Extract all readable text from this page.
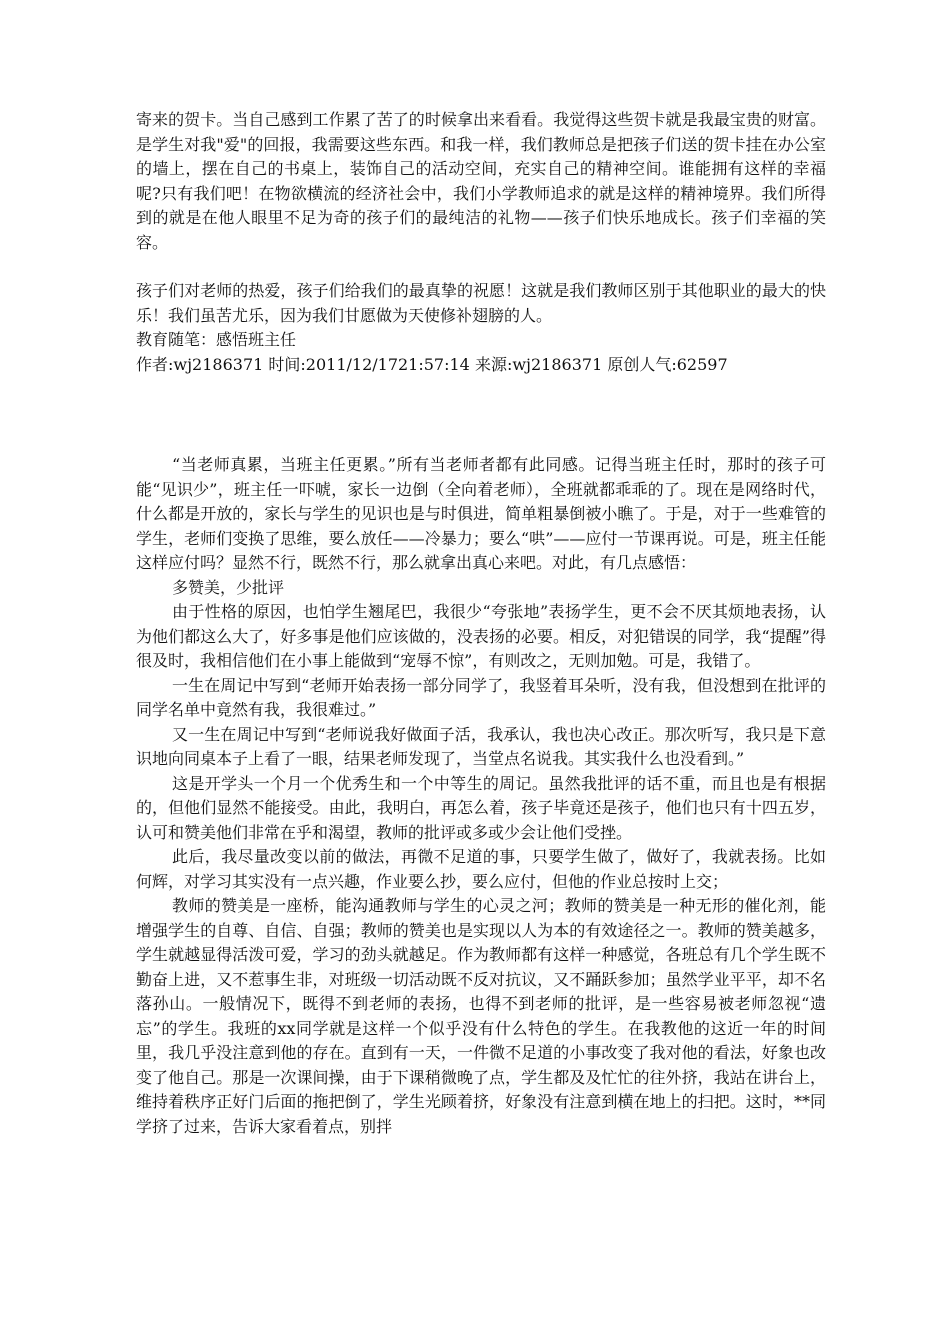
寄来的贺卡。当自己感到工作累了苦了的时候拿出来看看。我觉得这些贺卡就是我最宝贵的财富。是学生对我"爱"的回报，我需要这些东西。和我一样，我们教师总是把孩子们送的贺卡挂在办公室的墙上，摆在自己的书桌上，装饰自己的活动空间，充实自己的精神空间。谁能拥有这样的幸福呢?只有我们吧！在物欲横流的经济社会中，我们小学教师追求的就是这样的精神境界。我们所得到的就是在他人眼里不足为奇的孩子们的最纯洁的礼物——孩子们快乐地成长。孩子们幸福的笑容。

孩子们对老师的热爱，孩子们给我们的最真挚的祝愿！这就是我们教师区别于其他职业的最大的快乐！我们虽苦尤乐，因为我们甘愿做为天使修补翅膀的人。

教育随笔：感悟班主任

作者:wj2186371 时间:2011/12/1721:57:14 来源:wj2186371 原创人气:62597

“当老师真累，当班主任更累。”所有当老师者都有此同感。记得当班主任时，那时的孩子可能“见识少”，班主任一吓唬，家长一边倒（全向着老师），全班就都乖乖的了。现在是网络时代，什么都是开放的，家长与学生的见识也是与时俱进，简单粗暴倒被小瞧了。于是，对于一些难管的学生，老师们变换了思维，要么放任——冷暴力；要么“哄”——应付一节课再说。可是，班主任能这样应付吗？显然不行，既然不行，那么就拿出真心来吧。对此，有几点感悟：

多赞美，少批评

由于性格的原因，也怕学生翘尾巴，我很少“夸张地”表扬学生，更不会不厌其烦地表扬，认为他们都这么大了，好多事是他们应该做的，没表扬的必要。相反，对犯错误的同学，我“提醒”得很及时，我相信他们在小事上能做到“宠辱不惊”，有则改之，无则加勉。可是，我错了。

一生在周记中写到“老师开始表扬一部分同学了，我竖着耳朵听，没有我，但没想到在批评的同学名单中竟然有我，我很难过。”

又一生在周记中写到“老师说我好做面子活，我承认，我也决心改正。那次听写，我只是下意识地向同桌本子上看了一眼，结果老师发现了，当堂点名说我。其实我什么也没看到。”

这是开学头一个月一个优秀生和一个中等生的周记。虽然我批评的话不重，而且也是有根据的，但他们显然不能接受。由此，我明白，再怎么着，孩子毕竟还是孩子，他们也只有十四五岁，认可和赞美他们非常在乎和渴望，教师的批评或多或少会让他们受挫。

此后，我尽量改变以前的做法，再微不足道的事，只要学生做了，做好了，我就表扬。比如何辉，对学习其实没有一点兴趣，作业要么抄，要么应付，但他的作业总按时上交；

教师的赞美是一座桥，能沟通教师与学生的心灵之河；教师的赞美是一种无形的催化剂，能增强学生的自尊、自信、自强；教师的赞美也是实现以人为本的有效途径之一。教师的赞美越多，学生就越显得活泼可爱，学习的劲头就越足。作为教师都有这样一种感觉，各班总有几个学生既不勤奋上进，又不惹事生非，对班级一切活动既不反对抗议，又不踊跃参加；虽然学业平平，却不名落孙山。一般情况下，既得不到老师的表扬，也得不到老师的批评，是一些容易被老师忽视“遗忘”的学生。我班的xx同学就是这样一个似乎没有什么特色的学生。在我教他的这近一年的时间里，我几乎没注意到他的存在。直到有一天，一件微不足道的小事改变了我对他的看法，好象也改变了他自己。那是一次课间操，由于下课稍微晚了点，学生都及及忙忙的往外挤，我站在讲台上，维持着秩序正好门后面的拖把倒了，学生光顾着挤，好象没有注意到横在地上的扫把。这时，**同学挤了过来，告诉大家看着点，别拌
